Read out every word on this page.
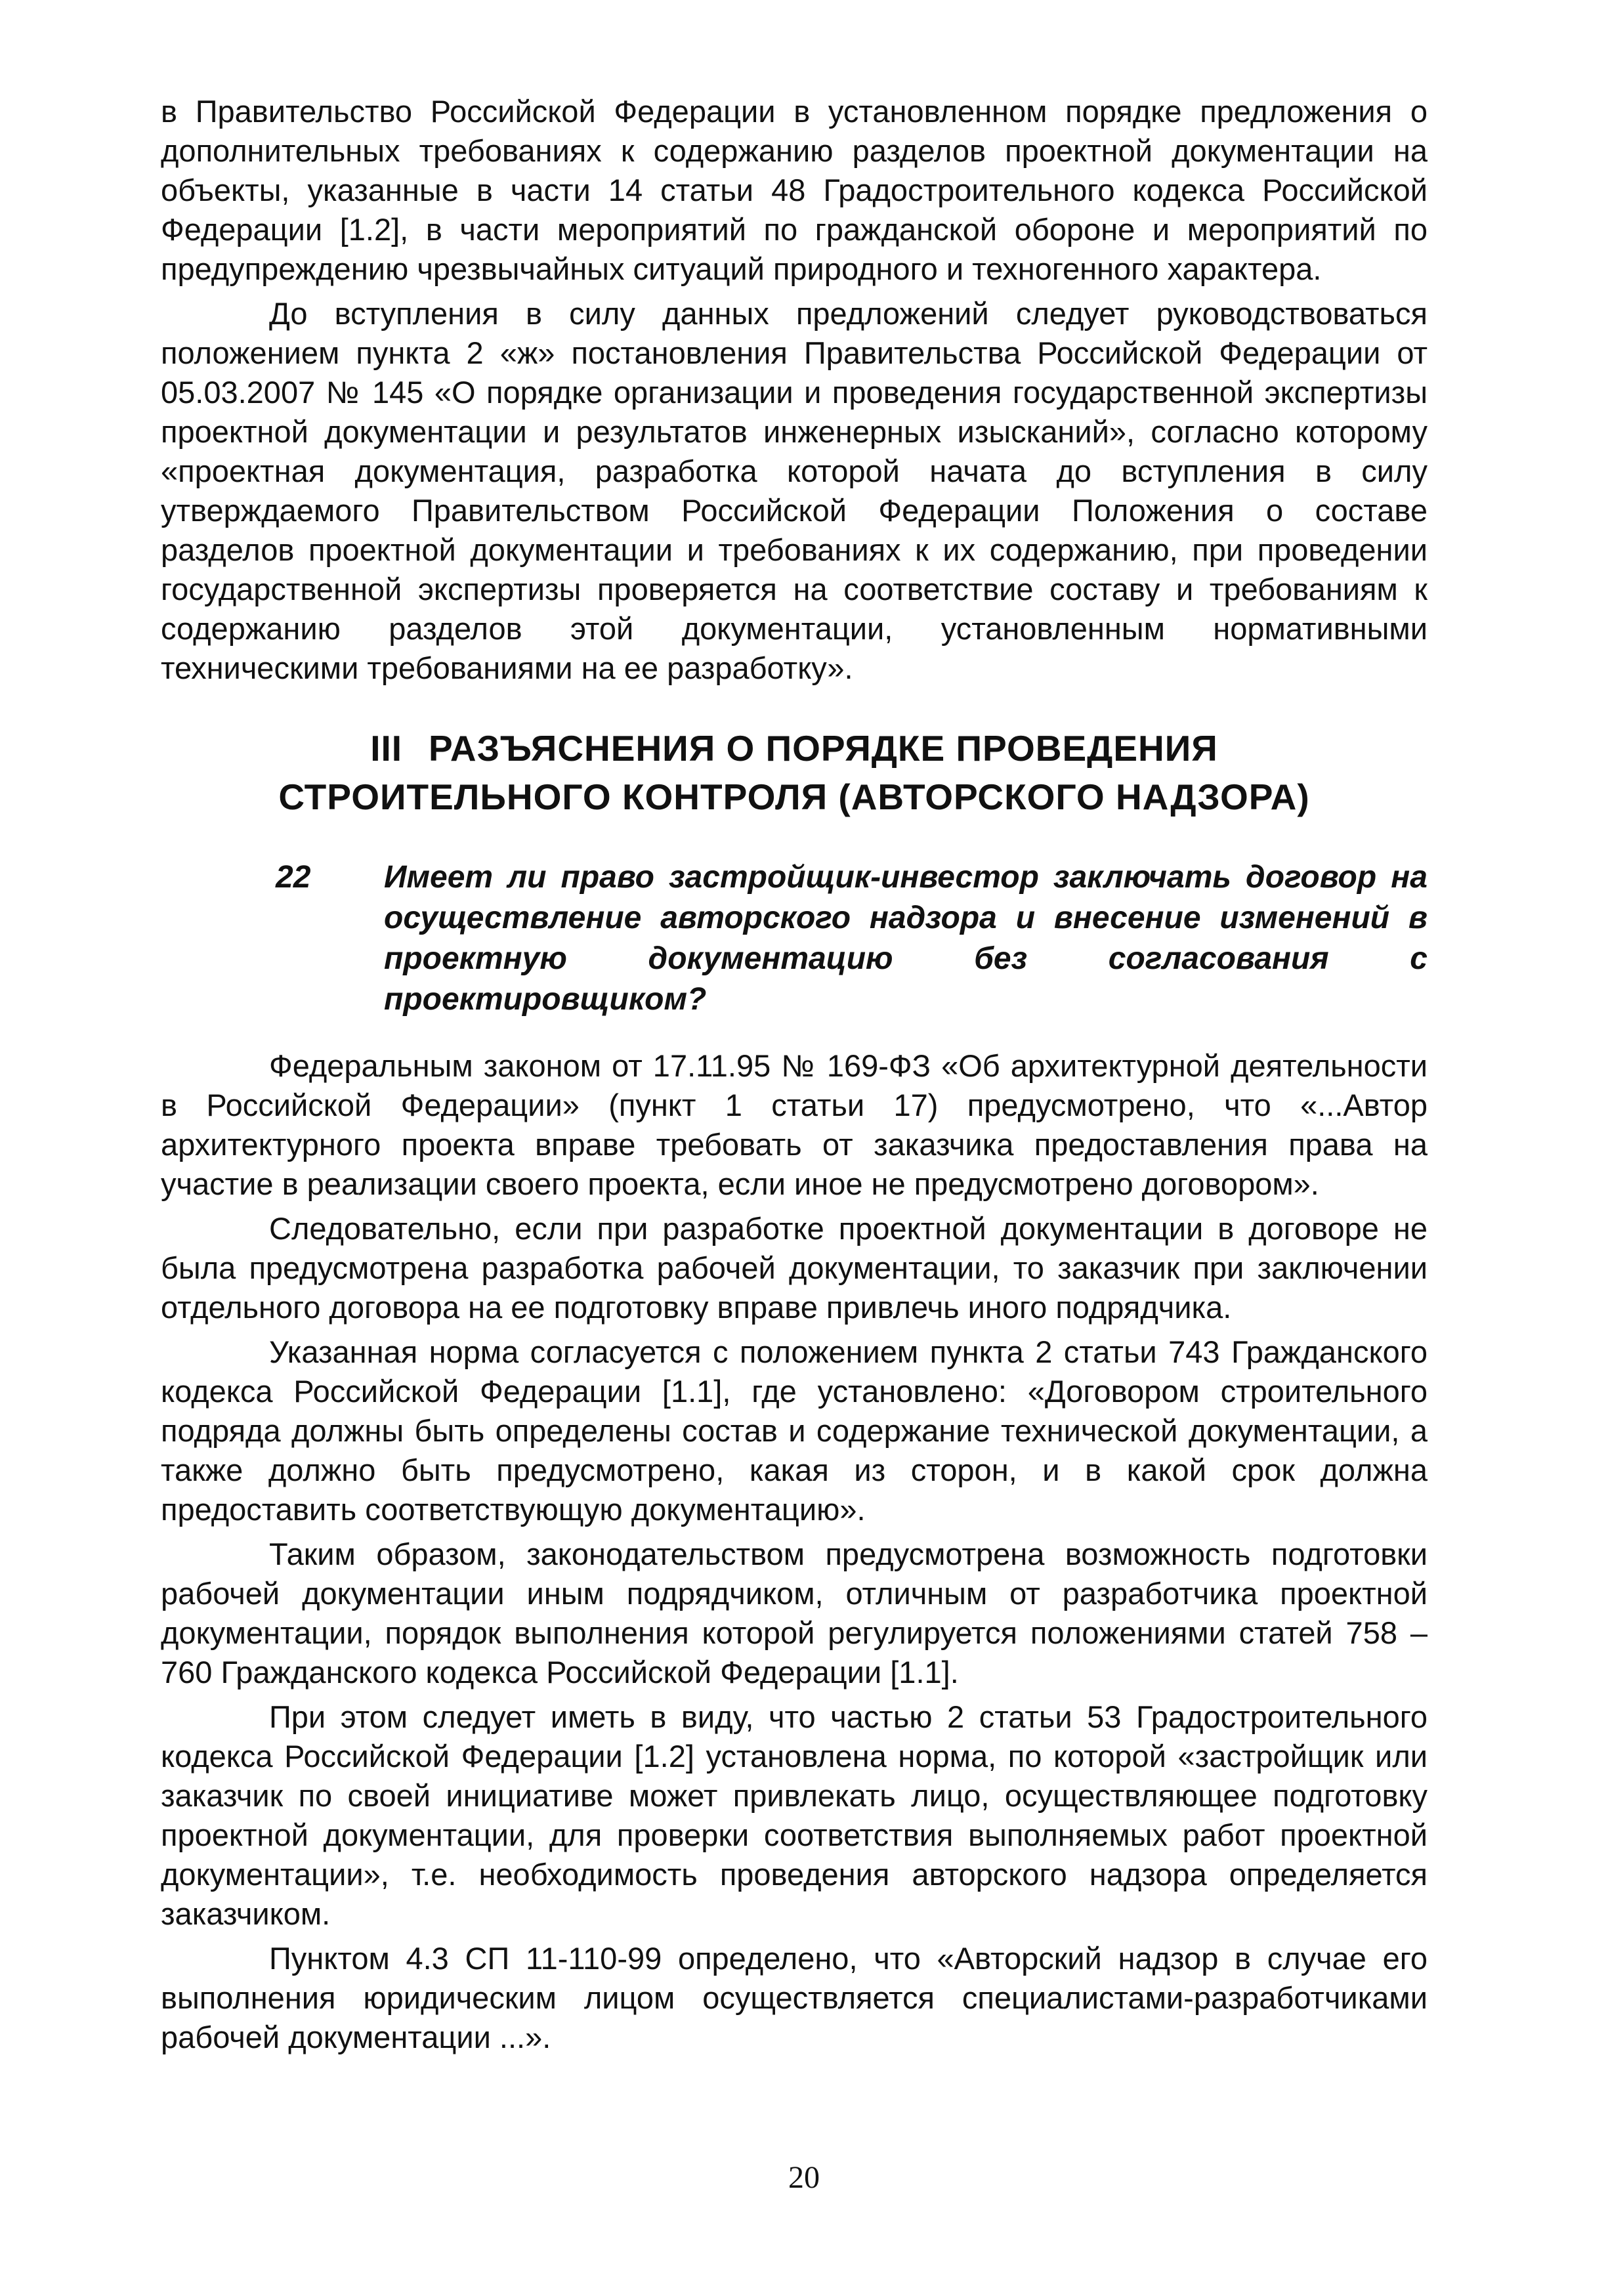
в Правительство Российской Федерации в установленном порядке предложения о дополнительных требованиях к содержанию разделов проектной документации на объекты, указанные в части 14 статьи 48 Градостроительного кодекса Российской Федерации [1.2], в части мероприятий по гражданской обороне и мероприятий по предупреждению чрезвычайных ситуаций природного и техногенного характера.

До вступления в силу данных предложений следует руководствоваться положением пункта 2 «ж» постановления Правительства Российской Федерации от 05.03.2007 № 145 «О порядке организации и проведения государственной экспертизы проектной документации и результатов инженерных изысканий», согласно которому «проектная документация, разработка которой начата до вступления в силу утверждаемого Правительством Российской Федерации Положения о составе разделов проектной документации и требованиях к их содержанию, при проведении государственной экспертизы проверяется на соответствие составу и требованиям к содержанию разделов этой документации, установленным нормативными техническими требованиями на ее разработку».

III РАЗЪЯСНЕНИЯ О ПОРЯДКЕ ПРОВЕДЕНИЯ
СТРОИТЕЛЬНОГО КОНТРОЛЯ (АВТОРСКОГО НАДЗОРА)
22	Имеет ли право застройщик-инвестор заключать договор на осуществление авторского надзора и внесение изменений в проектную документацию без согласования с проектировщиком?

Федеральным законом от 17.11.95 № 169-ФЗ «Об архитектурной деятельности в Российской Федерации» (пункт 1 статьи 17) предусмотрено, что «...Автор архитектурного проекта вправе требовать от заказчика предоставления права на участие в реализации своего проекта, если иное не предусмотрено договором».

Следовательно, если при разработке проектной документации в договоре не была предусмотрена разработка рабочей документации, то заказчик при заключении отдельного договора на ее подготовку вправе привлечь иного подрядчика.

Указанная норма согласуется с положением пункта 2 статьи 743 Гражданского кодекса Российской Федерации [1.1], где установлено: «Договором строительного подряда должны быть определены состав и содержание технической документации, а также должно быть предусмотрено, какая из сторон, и в какой срок должна предоставить соответствующую документацию».

Таким образом, законодательством предусмотрена возможность подготовки рабочей документации иным подрядчиком, отличным от разработчика проектной документации, порядок выполнения которой регулируется положениями статей 758 – 760 Гражданского кодекса Российской Федерации [1.1].

При этом следует иметь в виду, что частью 2 статьи 53 Градостроительного кодекса Российской Федерации [1.2] установлена норма, по которой «застройщик или заказчик по своей инициативе может привлекать лицо, осуществляющее подготовку проектной документации, для проверки соответствия выполняемых работ проектной документации», т.е. необходимость проведения авторского надзора определяется заказчиком.

Пунктом 4.3 СП 11-110-99 определено, что «Авторский надзор в случае его выполнения юридическим лицом осуществляется специалистами-разработчиками рабочей документации ...».

20
